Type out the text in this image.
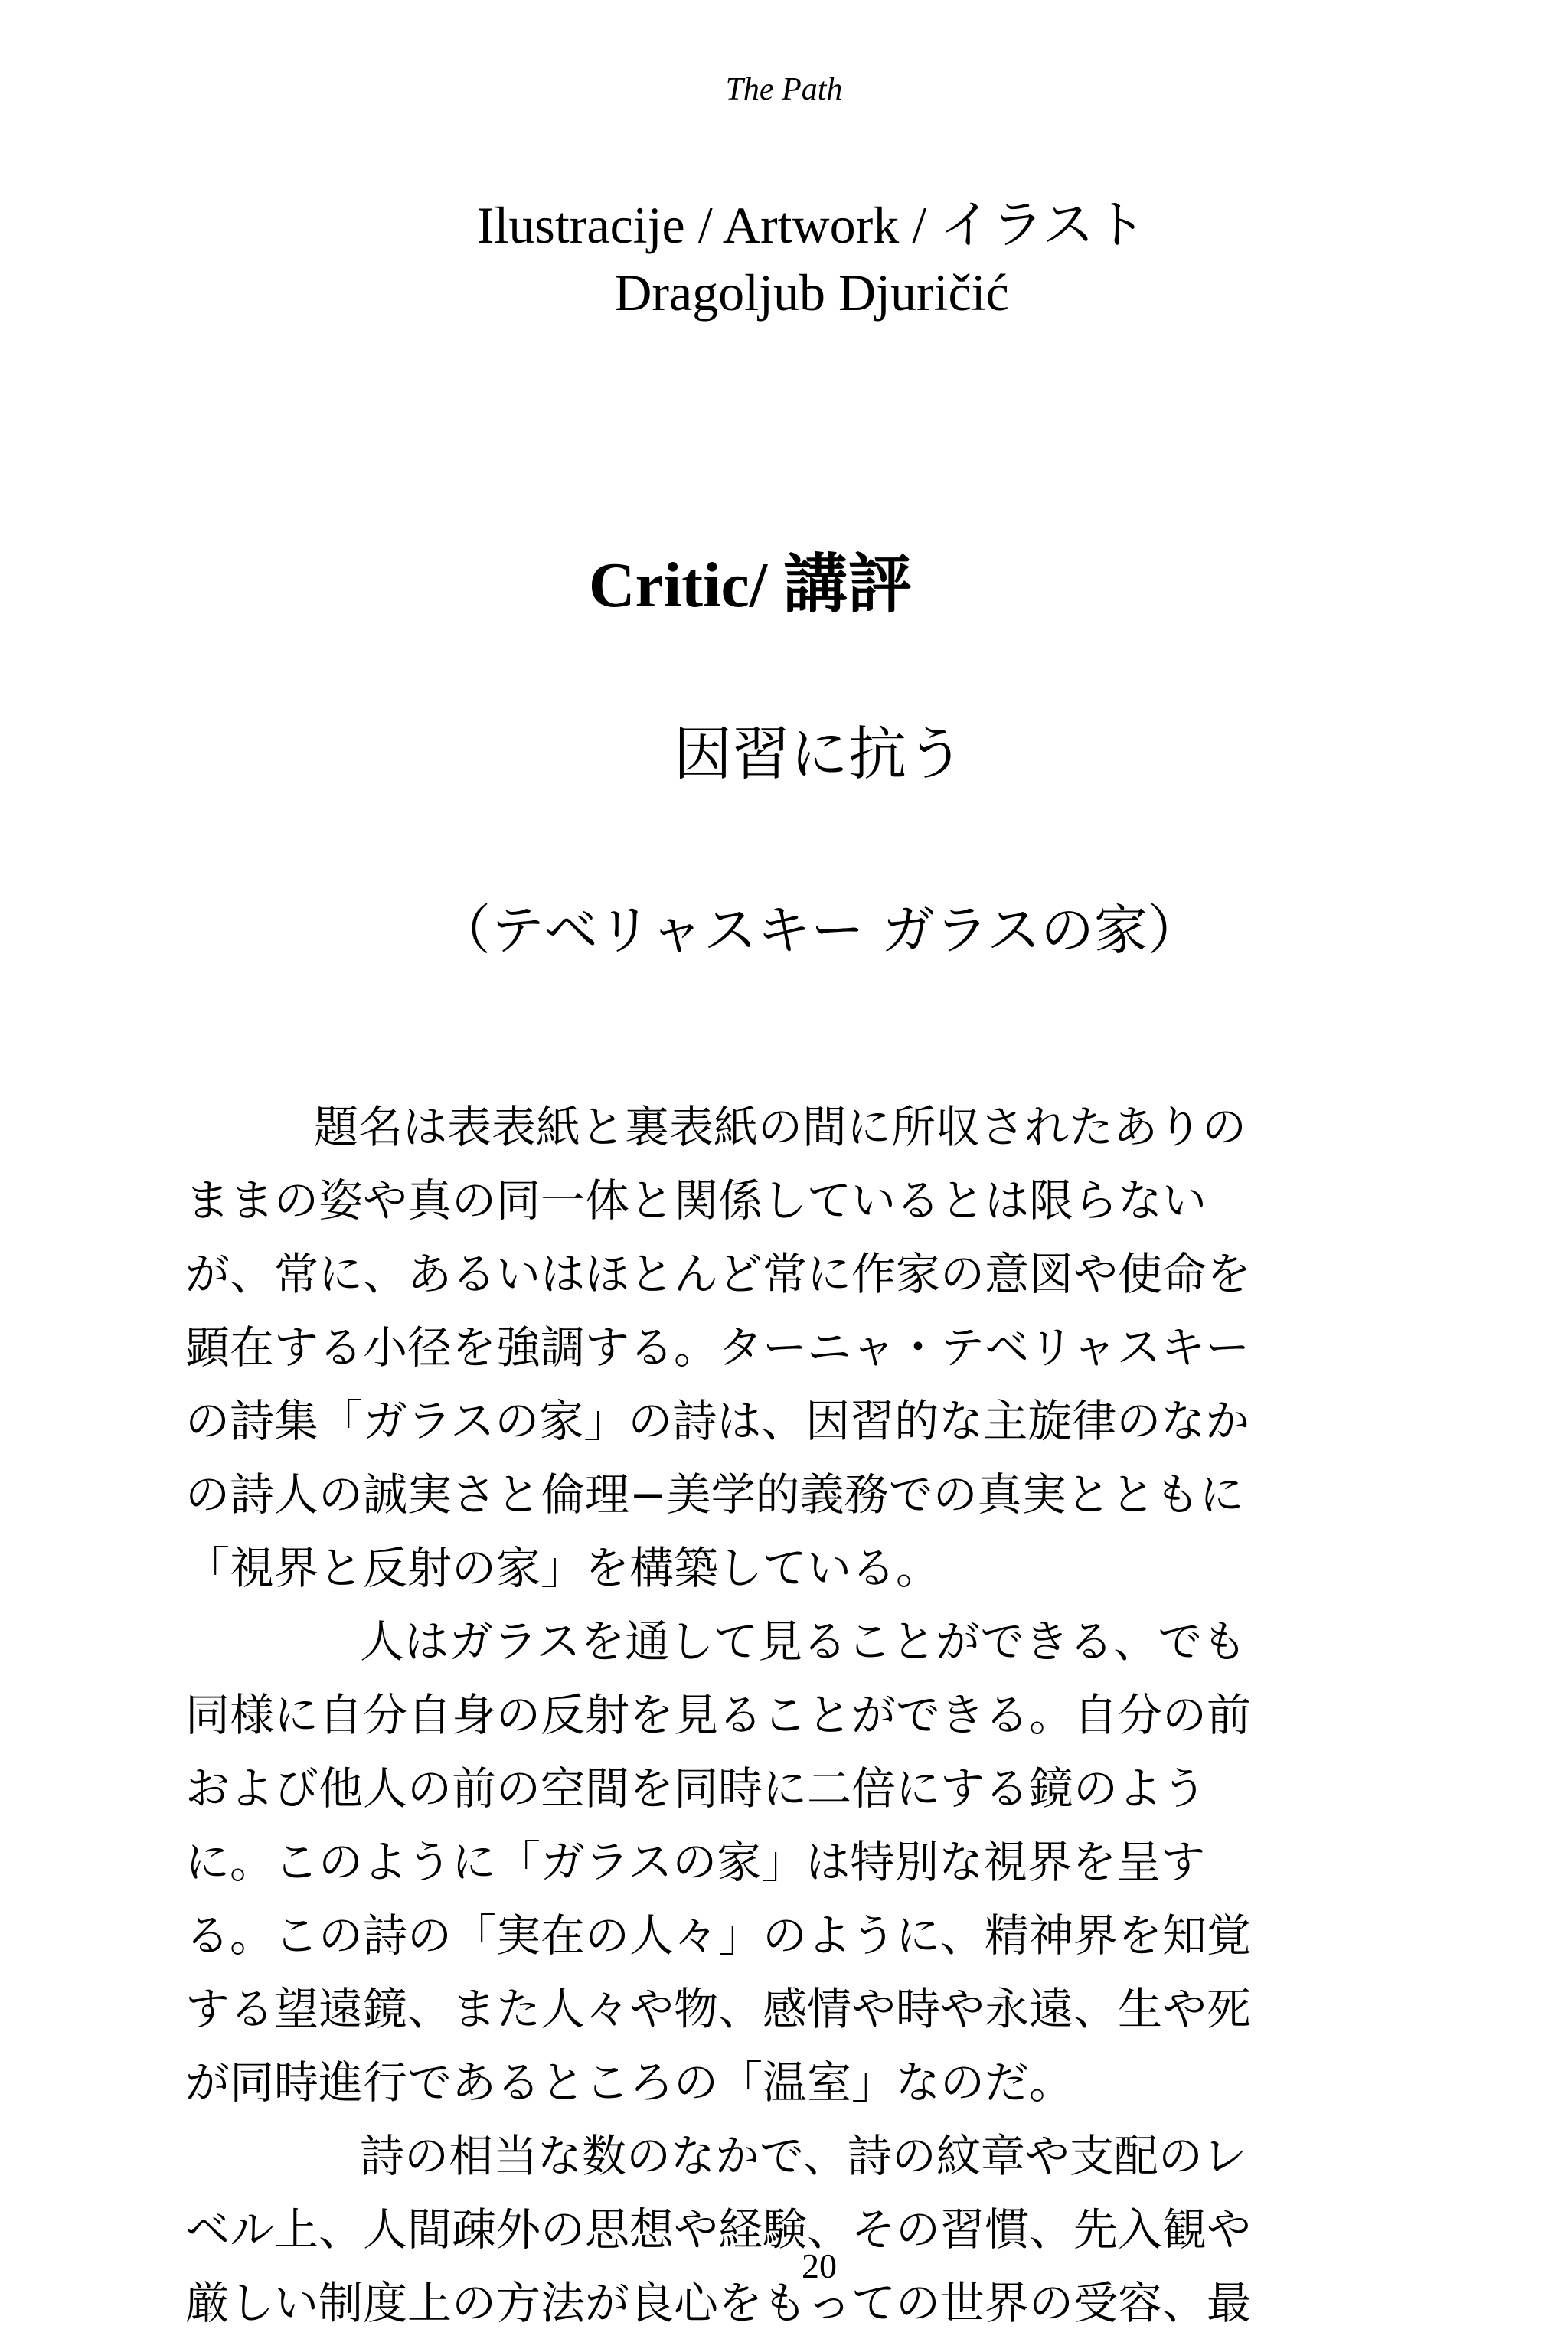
The Path
Ilustracije / Artwork / イラスト
Dragoljub Djuričić
Critic/ 講評
因習に抗う
（テベリャスキー ガラスの家）
題名は表表紙と裏表紙の間に所収されたありの
ままの姿や真の同一体と関係しているとは限らない
が、常に、あるいはほとんど常に作家の意図や使命を
顕在する小径を強調する。ターニャ・テベリャスキー
の詩集「ガラスの家」の詩は、因習的な主旋律のなか
の詩人の誠実さと倫理−美学的義務での真実とともに
「視界と反射の家」を構築している。
人はガラスを通して見ることができる、でも
同様に自分自身の反射を見ることができる。自分の前
および他人の前の空間を同時に二倍にする鏡のよう
に。このように「ガラスの家」は特別な視界を呈す
る。この詩の「実在の人々」のように、精神界を知覚
する望遠鏡、また人々や物、感情や時や永遠、生や死
が同時進行であるところの「温室」なのだ。
詩の相当な数のなかで、詩の紋章や支配のレ
ベル上、人間疎外の思想や経験、その習慣、先入観や
厳しい制度上の方法が良心をもっての世界の受容、最
20
